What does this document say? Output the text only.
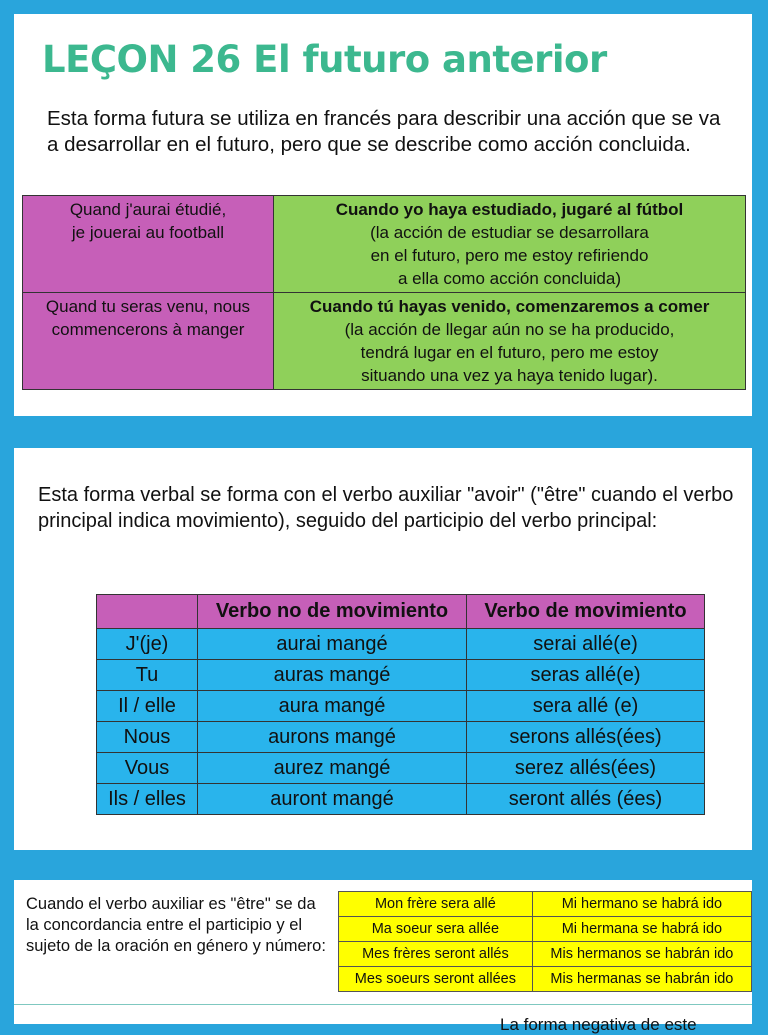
LEÇON 26 El futuro anterior

Esta forma futura se utiliza en francés para describir una acción que se va a desarrollar en el futuro, pero que se describe como acción concluida.

Quand j'aurai étudié,
je jouerai au football	Cuando yo haya estudiado, jugaré al fútbol
(la acción de estudiar se desarrollara
en el futuro, pero me estoy refiriendo
a ella como acción concluida)
Quand tu seras venu, nous
commencerons à manger	Cuando tú hayas venido, comenzaremos a comer
(la acción de llegar aún no se ha producido,
tendrá lugar en el futuro, pero me estoy
situando una vez ya haya tenido lugar).

Esta forma verbal se forma con el verbo auxiliar "avoir" ("être" cuando el verbo principal indica movimiento), seguido del participio del verbo principal:

	Verbo no de movimiento	Verbo de movimiento
J'(je)	aurai mangé	serai allé(e)
Tu	auras mangé	seras allé(e)
Il / elle	aura mangé	sera allé (e)
Nous	aurons mangé	serons allés(ées)
Vous	aurez mangé	serez allés(ées)
Ils / elles	auront mangé	seront allés (ées)

Cuando el verbo auxiliar es "être" se da la concordancia entre el participio y el sujeto de la oración en género y número:

Mon frère sera allé	Mi hermano se habrá ido
Ma soeur sera allée	Mi hermana se habrá ido
Mes frères seront allés	Mis hermanos se habrán ido
Mes soeurs seront allées	Mis hermanas se habrán ido
La forma negativa de este
